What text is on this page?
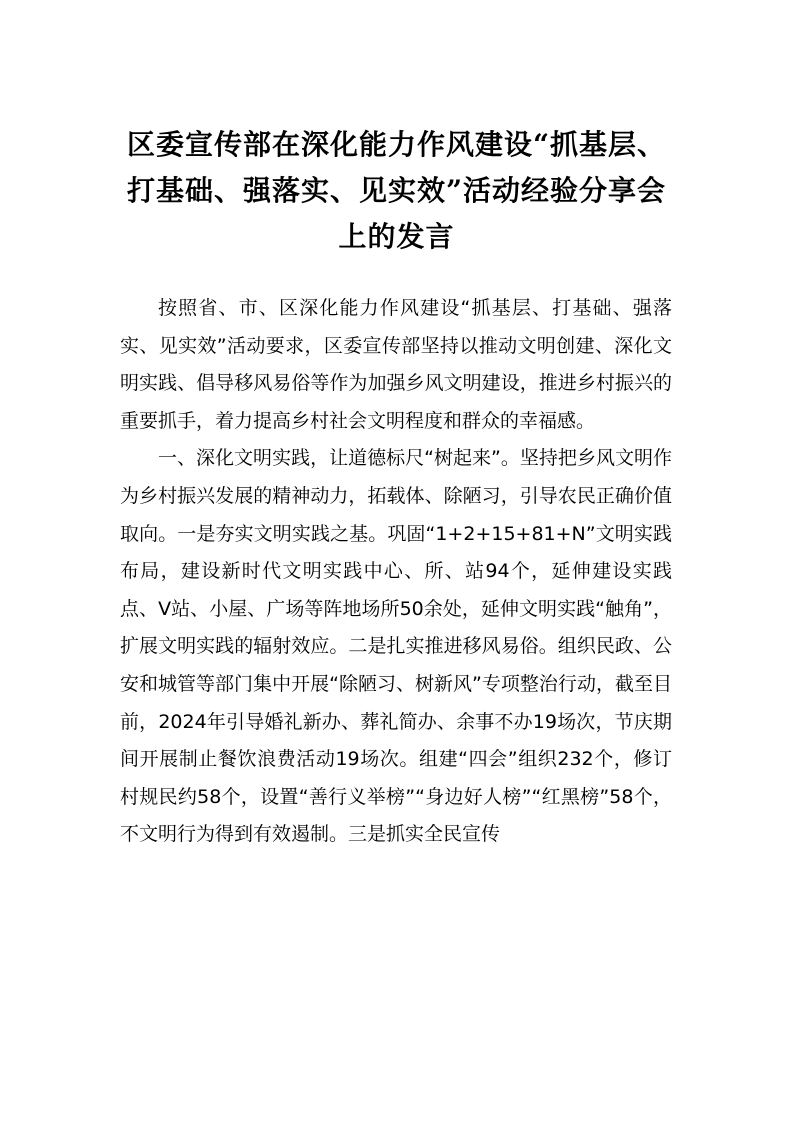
区委宣传部在深化能力作风建设“抓基层、
打基础、强落实、见实效”活动经验分享会
上的发言

按照省、市、区深化能力作风建设“抓基层、打基础、强落实、见实效”活动要求，区委宣传部坚持以推动文明创建、深化文明实践、倡导移风易俗等作为加强乡风文明建设，推进乡村振兴的重要抓手，着力提高乡村社会文明程度和群众的幸福感。

一、深化文明实践，让道德标尺“树起来”。坚持把乡风文明作为乡村振兴发展的精神动力，拓载体、除陋习，引导农民正确价值取向。一是夯实文明实践之基。巩固“1+2+15+81+N”文明实践布局，建设新时代文明实践中心、所、站94个，延伸建设实践点、V站、小屋、广场等阵地场所50余处，延伸文明实践“触角”，扩展文明实践的辐射效应。二是扎实推进移风易俗。组织民政、公安和城管等部门集中开展“除陋习、树新风”专项整治行动，截至目前，2024年引导婚礼新办、葬礼简办、余事不办19场次，节庆期间开展制止餐饮浪费活动19场次。组建“四会”组织232个，修订村规民约58个，设置“善行义举榜”“身边好人榜”“红黑榜”58个，不文明行为得到有效遏制。三是抓实全民宣传
